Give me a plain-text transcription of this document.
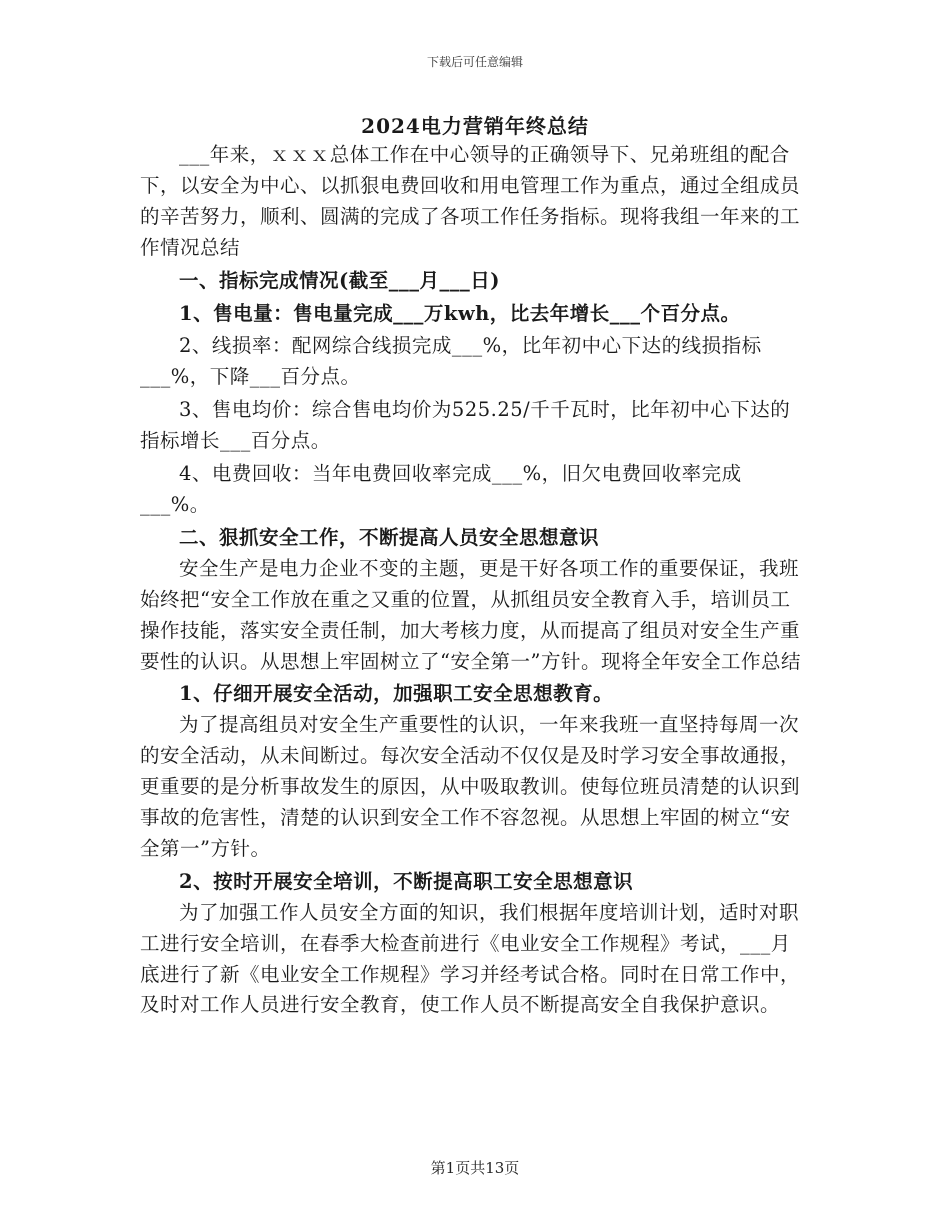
下载后可任意编辑
2024电力营销年终总结

___年来，ｘｘｘ总体工作在中心领导的正确领导下、兄弟班组的配合下，以安全为中心、以抓狠电费回收和用电管理工作为重点，通过全组成员的辛苦努力，顺利、圆满的完成了各项工作任务指标。现将我组一年来的工作情况总结

一、指标完成情况(截至___月___日)

1、售电量：售电量完成___万kwh，比去年增长___个百分点。

2、线损率：配网综合线损完成___%，比年初中心下达的线损指标___%，下降___百分点。

3、售电均价：综合售电均价为525.25/千千瓦时，比年初中心下达的指标增长___百分点。

4、电费回收：当年电费回收率完成___%，旧欠电费回收率完成___%。

二、狠抓安全工作，不断提高人员安全思想意识

安全生产是电力企业不变的主题，更是干好各项工作的重要保证，我班始终把“安全工作放在重之又重的位置，从抓组员安全教育入手，培训员工操作技能，落实安全责任制，加大考核力度，从而提高了组员对安全生产重要性的认识。从思想上牢固树立了“安全第一”方针。现将全年安全工作总结

1、仔细开展安全活动，加强职工安全思想教育。

为了提高组员对安全生产重要性的认识，一年来我班一直坚持每周一次的安全活动，从未间断过。每次安全活动不仅仅是及时学习安全事故通报，更重要的是分析事故发生的原因，从中吸取教训。使每位班员清楚的认识到事故的危害性，清楚的认识到安全工作不容忽视。从思想上牢固的树立“安全第一”方针。

2、按时开展安全培训，不断提高职工安全思想意识

为了加强工作人员安全方面的知识，我们根据年度培训计划，适时对职工进行安全培训，在春季大检查前进行《电业安全工作规程》考试，___月底进行了新《电业安全工作规程》学习并经考试合格。同时在日常工作中，及时对工作人员进行安全教育，使工作人员不断提高安全自我保护意识。

第1页共13页
